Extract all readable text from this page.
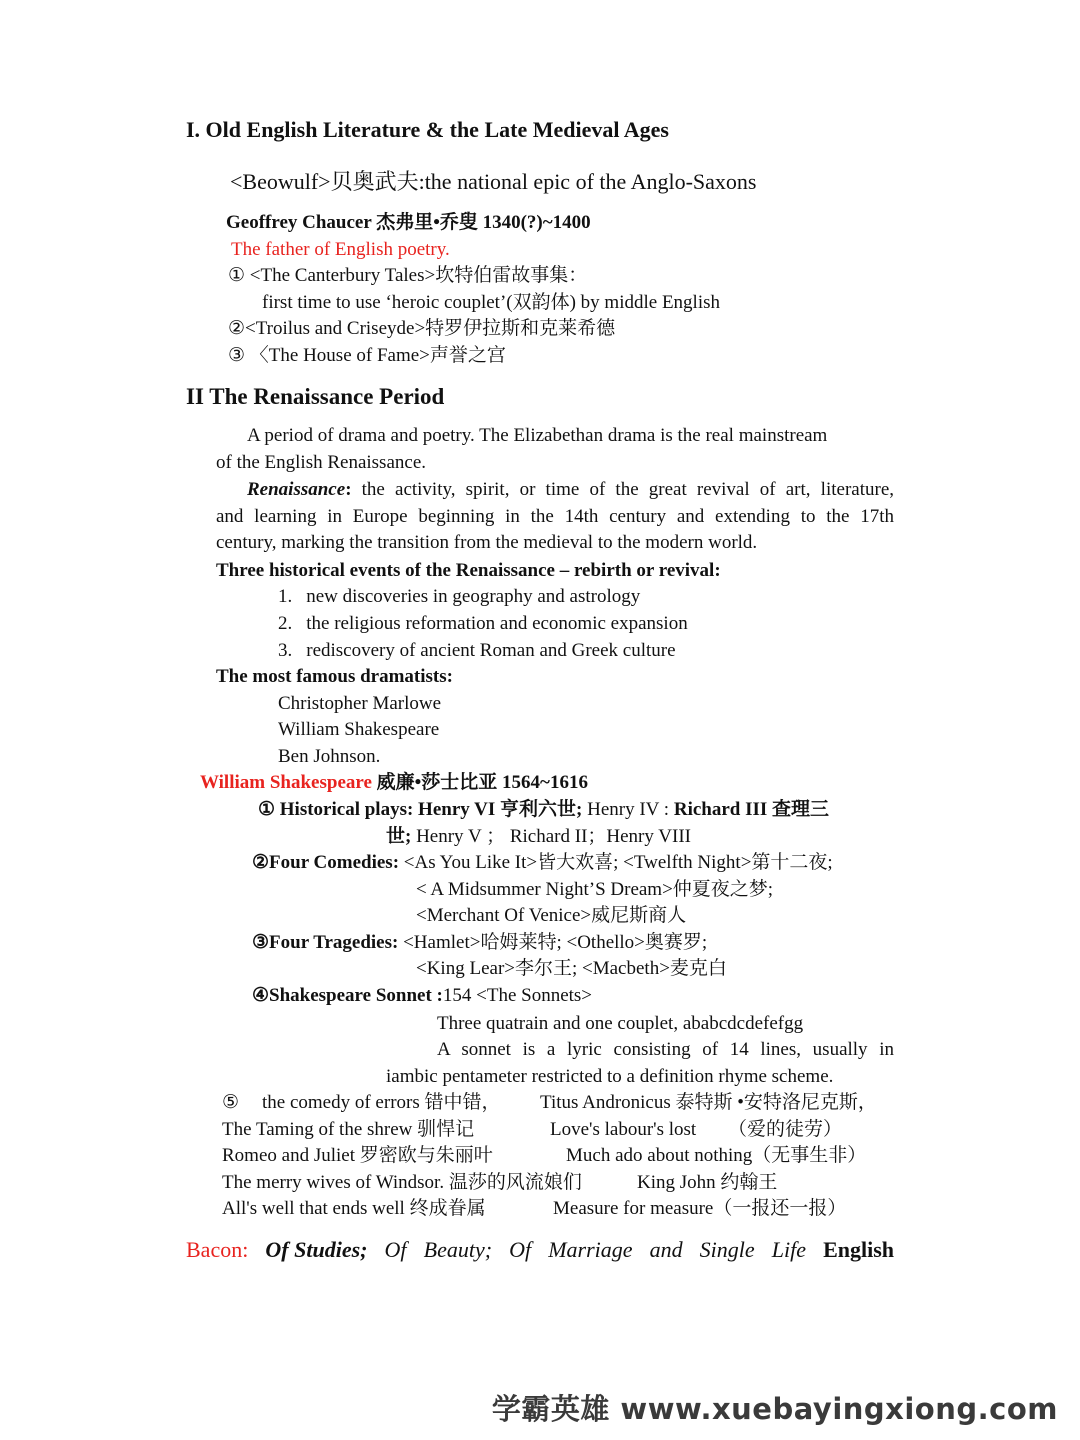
I. Old English Literature & the Late Medieval Ages
<Beowulf>贝奥武夫:the national epic of the Anglo-Saxons
Geoffrey Chaucer 杰弗里•乔叟 1340(?)~1400
The father of English poetry.
① <The Canterbury Tales>坎特伯雷故事集：
first time to use ‘heroic couplet’(双韵体) by middle English
②<Troilus and Criseyde>特罗伊拉斯和克莱希德
③ 〈The House of Fame>声誉之宫
II The Renaissance Period
A period of drama and poetry. The Elizabethan drama is the real mainstream
of the English Renaissance.
Renaissance: the activity, spirit, or time of the great revival of art, literature,
and learning in Europe beginning in the 14th century and extending to the 17th
century, marking the transition from the medieval to the modern world.
Three historical events of the Renaissance – rebirth or revival:
1. new discoveries in geography and astrology
2. the religious reformation and economic expansion
3. rediscovery of ancient Roman and Greek culture
The most famous dramatists:
Christopher Marlowe
William Shakespeare
Ben Johnson.
William Shakespeare 威廉•莎士比亚 1564~1616
① Historical plays: Henry VI 亨利六世; Henry IV : Richard III 查理三
世; Henry V ； Richard II；Henry VIII
②Four Comedies: <As You Like It>皆大欢喜; <Twelfth Night>第十二夜;
< A Midsummer Night’S Dream>仲夏夜之梦;
<Merchant Of Venice>威尼斯商人
③Four Tragedies: <Hamlet>哈姆莱特; <Othello>奥赛罗;
<King Lear>李尔王; <Macbeth>麦克白
④Shakespeare Sonnet :154 <The Sonnets>
Three quatrain and one couplet, ababcdcdefefgg
A sonnet is a lyric consisting of 14 lines, usually in
iambic pentameter restricted to a definition rhyme scheme.
⑤ the comedy of errors 错中错， Titus Andronicus 泰特斯 •安特洛尼克斯，
The Taming of the shrew 驯悍记	Love's labour's lost （爱的徒劳）
Romeo and Juliet 罗密欧与朱丽叶	Much ado about nothing（无事生非）
The merry wives of Windsor. 温莎的风流娘们	King John 约翰王
All's well that ends well 终成眷属	Measure for measure（一报还一报）
Bacon: Of Studies; Of Beauty; Of Marriage and Single Life English
学霸英雄 www.xuebayingxiong.com
